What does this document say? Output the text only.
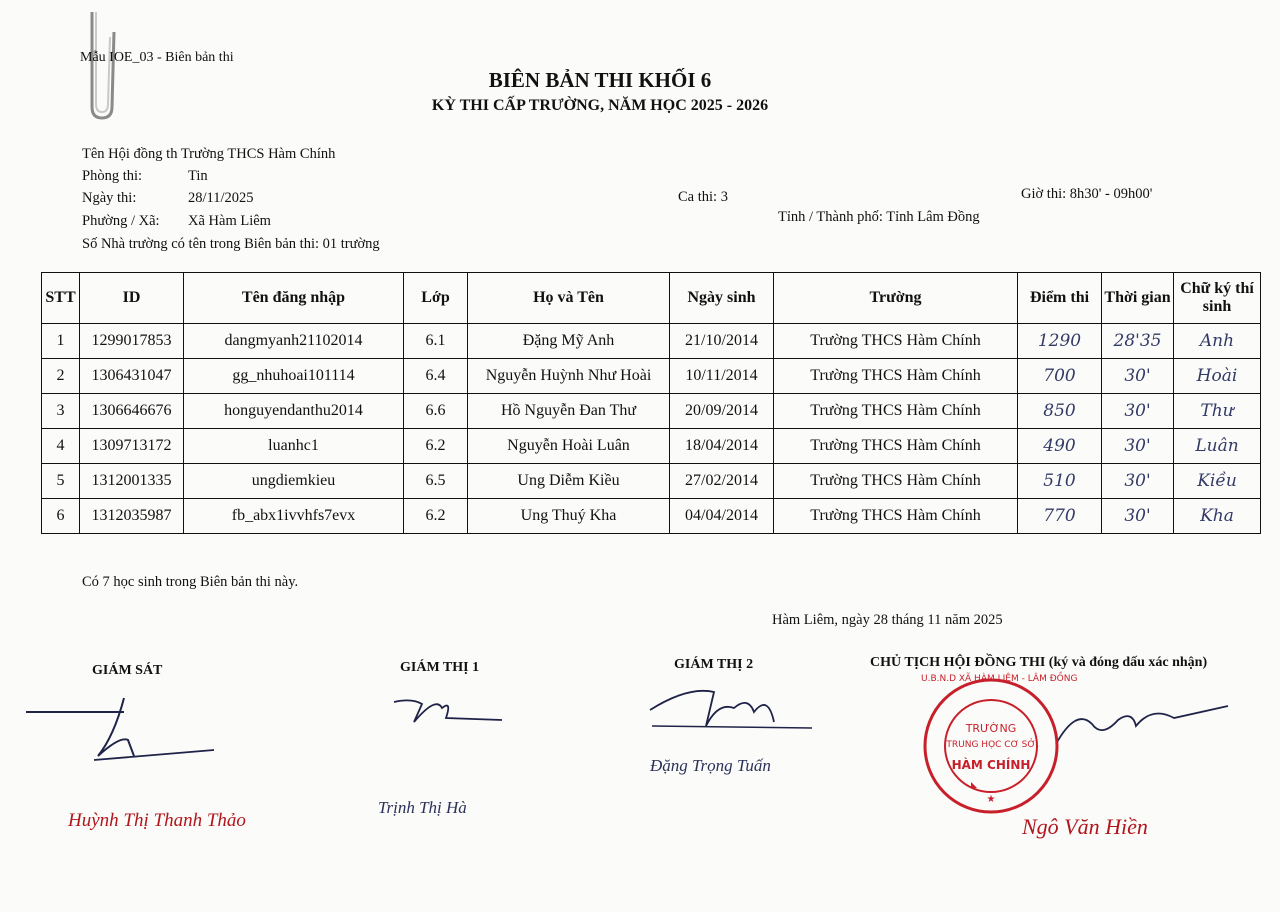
Mẫu IOE_03 - Biên bản thi
BIÊN BẢN THI KHỐI 6
KỲ THI CẤP TRƯỜNG, NĂM HỌC 2025 - 2026
Tên Hội đồng th Trường THCS Hàm Chính
Phòng thi:	Tin
Ngày thi:	28/11/2025	Ca thi: 3	Giờ thi: 8h30' - 09h00'
Phường / Xã: Xã Hàm Liêm	Tỉnh / Thành phố: Tỉnh Lâm Đồng
Số Nhà trường có tên trong Biên bản thi: 01 trường
STT	ID	Tên đăng nhập	Lớp	Họ và Tên	Ngày sinh	Trường	Điểm thi	Thời gian	Chữ ký thí sinh
1	1299017853	dangmyanh21102014	6.1	Đặng Mỹ Anh	21/10/2014	Trường THCS Hàm Chính	1290	28'35	Anh
2	1306431047	gg_nhuhoai101114	6.4	Nguyễn Huỳnh Như Hoài	10/11/2014	Trường THCS Hàm Chính	700	30'	Hoài
3	1306646676	honguyendanthu2014	6.6	Hồ Nguyễn Đan Thư	20/09/2014	Trường THCS Hàm Chính	850	30'	Thư
4	1309713172	luanhc1	6.2	Nguyễn Hoài Luân	18/04/2014	Trường THCS Hàm Chính	490	30'	Luân
5	1312001335	ungdiemkieu	6.5	Ung Diễm Kiều	27/02/2014	Trường THCS Hàm Chính	510	30'	Kiều
6	1312035987	fb_abx1ivvhfs7evx	6.2	Ung Thuý Kha	04/04/2014	Trường THCS Hàm Chính	770	30'	Kha
Có 7 học sinh trong Biên bản thi này.
Hàm Liêm, ngày 28 tháng 11 năm 2025
GIÁM SÁT	GIÁM THỊ 1	GIÁM THỊ 2	CHỦ TỊCH HỘI ĐỒNG THI (ký và đóng dấu xác nhận)
★
U.B.N.D XÃ HÀM LIÊM - LÂM ĐỒNG
TRƯỜNG
TRUNG HỌC CƠ SỞ
HÀM CHÍNH
Huỳnh Thị Thanh Thảo
Trịnh Thị Hà
Đặng Trọng Tuấn
Ngô Văn Hiền
